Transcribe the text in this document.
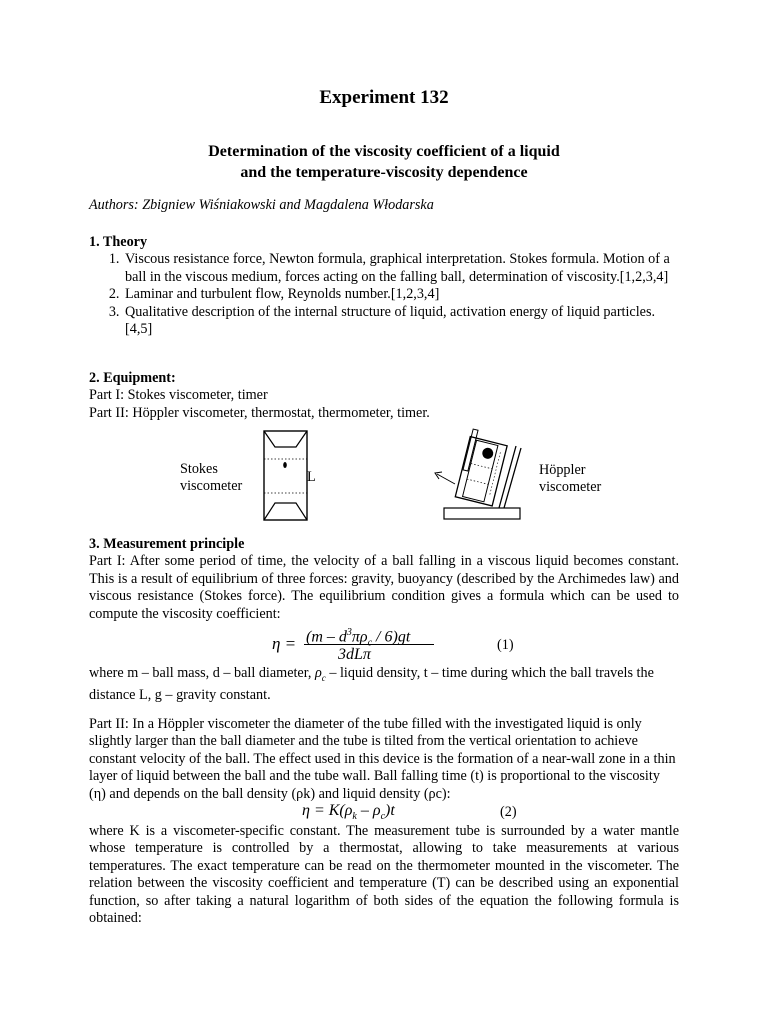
Experiment 132
Determination of the viscosity coefficient of a liquid
and the temperature-viscosity dependence
Authors: Zbigniew Wiśniakowski and Magdalena Włodarska
1. Theory
1. Viscous resistance force, Newton formula, graphical interpretation. Stokes formula. Motion of a ball in the viscous medium, forces acting on the falling ball, determination of viscosity.[1,2,3,4]
2. Laminar and turbulent flow, Reynolds number.[1,2,3,4]
3. Qualitative description of the internal structure of liquid, activation energy of liquid particles. [4,5]
2. Equipment:
Part I: Stokes viscometer, timer
Part II: Höppler viscometer, thermostat, thermometer, timer.
Stokes
viscometer
L	Höppler
viscometer
3. Measurement principle
Part I: After some period of time, the velocity of a ball falling in a viscous liquid becomes constant. This is a result of equilibrium of three forces: gravity, buoyancy (described by the Archimedes law) and viscous resistance (Stokes force). The equilibrium condition gives a formula which can be used to compute the viscosity coefficient:
$\eta = (m - d^3\pi\rho_c / 6)gt$
3dLπ
(1)
where m – ball mass, d – ball diameter, $\rho_c$ – liquid density, t – time during which the ball travels the distance L, g – gravity constant.
Part II: In a Höppler viscometer the diameter of the tube filled with the investigated liquid is only slightly larger than the ball diameter and the tube is tilted from the vertical orientation to achieve constant velocity of the ball. The effect used in this device is the formation of a near-wall zone in a thin layer of liquid between the ball and the tube wall. Ball falling time (t) is proportional to the viscosity (η) and depends on the ball density (ρk) and liquid density (ρc):
$\eta = K(\rho_k - \rho_c)t$	(2)
where K is a viscometer-specific constant. The measurement tube is surrounded by a water mantle whose temperature is controlled by a thermostat, allowing to take measurements at various temperatures. The exact temperature can be read on the thermometer mounted in the viscometer. The relation between the viscosity coefficient and temperature (T) can be described using an exponential function, so after taking a natural logarithm of both sides of the equation the following formula is obtained:
